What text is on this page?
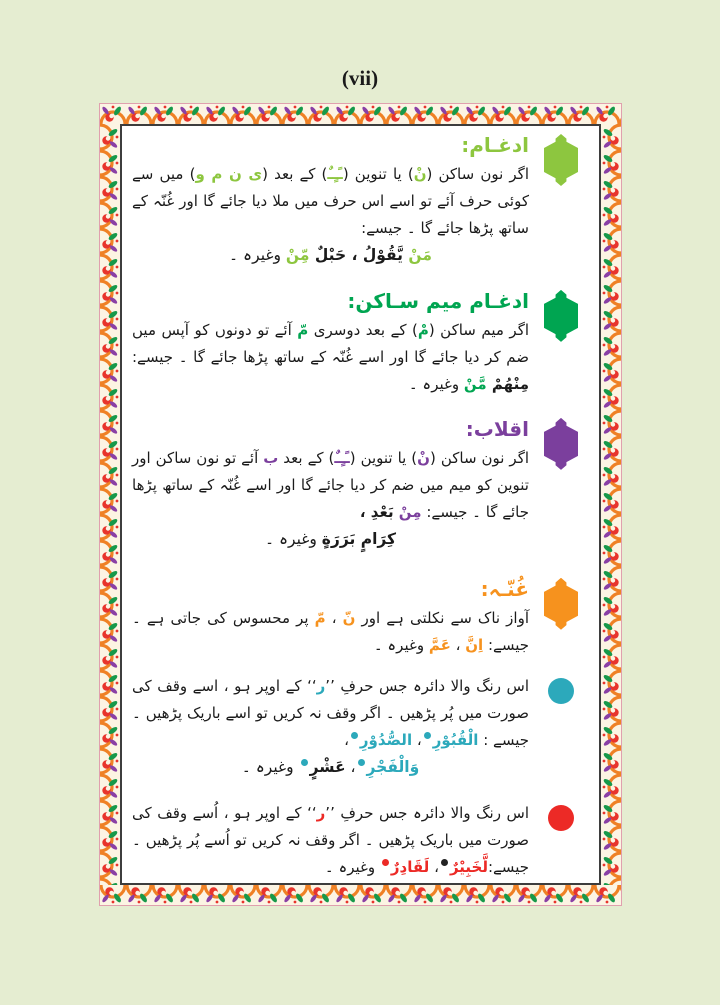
(vii)
ادغـام:

اگر نون ساکن (نْ) یا تنوین (ـًـٍـٌ) کے بعد (ی ن م و) میں سے کوئی حرف آئے تو اسے اس حرف میں ملا دیا جائے گا اور غُنّہ کے ساتھ پڑھا جائے گا ۔ جیسے:

مَنْ يَّقُوْلُ ، حَبْلٌ مِّنْ وغیرہ ۔

ادغـام میم سـاکن:

اگر میم ساکن (مْ) کے بعد دوسری مّ آئے تو دونوں کو آپس میں ضم کر دیا جائے گا اور اسے غُنّہ کے ساتھ پڑھا جائے گا ۔ جیسے: مِنْهُمْ مَّنْ وغیرہ ۔

اقلاب:

اگر نون ساکن (نْ) یا تنوین (ـًـٍـٌ) کے بعد ب آئے تو نون ساکن اور تنوین کو میم میں ضم کر دیا جائے گا اور اسے غُنّہ کے ساتھ پڑھا جائے گا ۔ جیسے: مِنْ بَعْدِ ،

کِرَامٍ بَرَرَةٍ وغیرہ ۔

غُنّـہ:

آواز ناک سے نکلتی ہے اور نّ ، مّ پر محسوس کی جاتی ہے ۔ جیسے: اِنَّ ، عَمَّ وغیرہ ۔

اس رنگ والا دائرہ جس حرفِ ’’ر‘‘ کے اوپر ہو ، اسے وقف کی صورت میں پُر پڑھیں ۔ اگر وقف نہ کریں تو اسے باریک پڑھیں ۔ جیسے : الْقُبُوْرِ، الصُّدُوْرِ،

وَالْفَجْرِ، عَشْرٍ وغیرہ ۔

اس رنگ والا دائرہ جس حرفِ ’’ر‘‘ کے اوپر ہو ، اُسے وقف کی صورت میں باریک پڑھیں ۔ اگر وقف نہ کریں تو اُسے پُر پڑھیں ۔ جیسے:لَّخَبِيْرٌ، لَقَادِرٌ وغیرہ ۔
